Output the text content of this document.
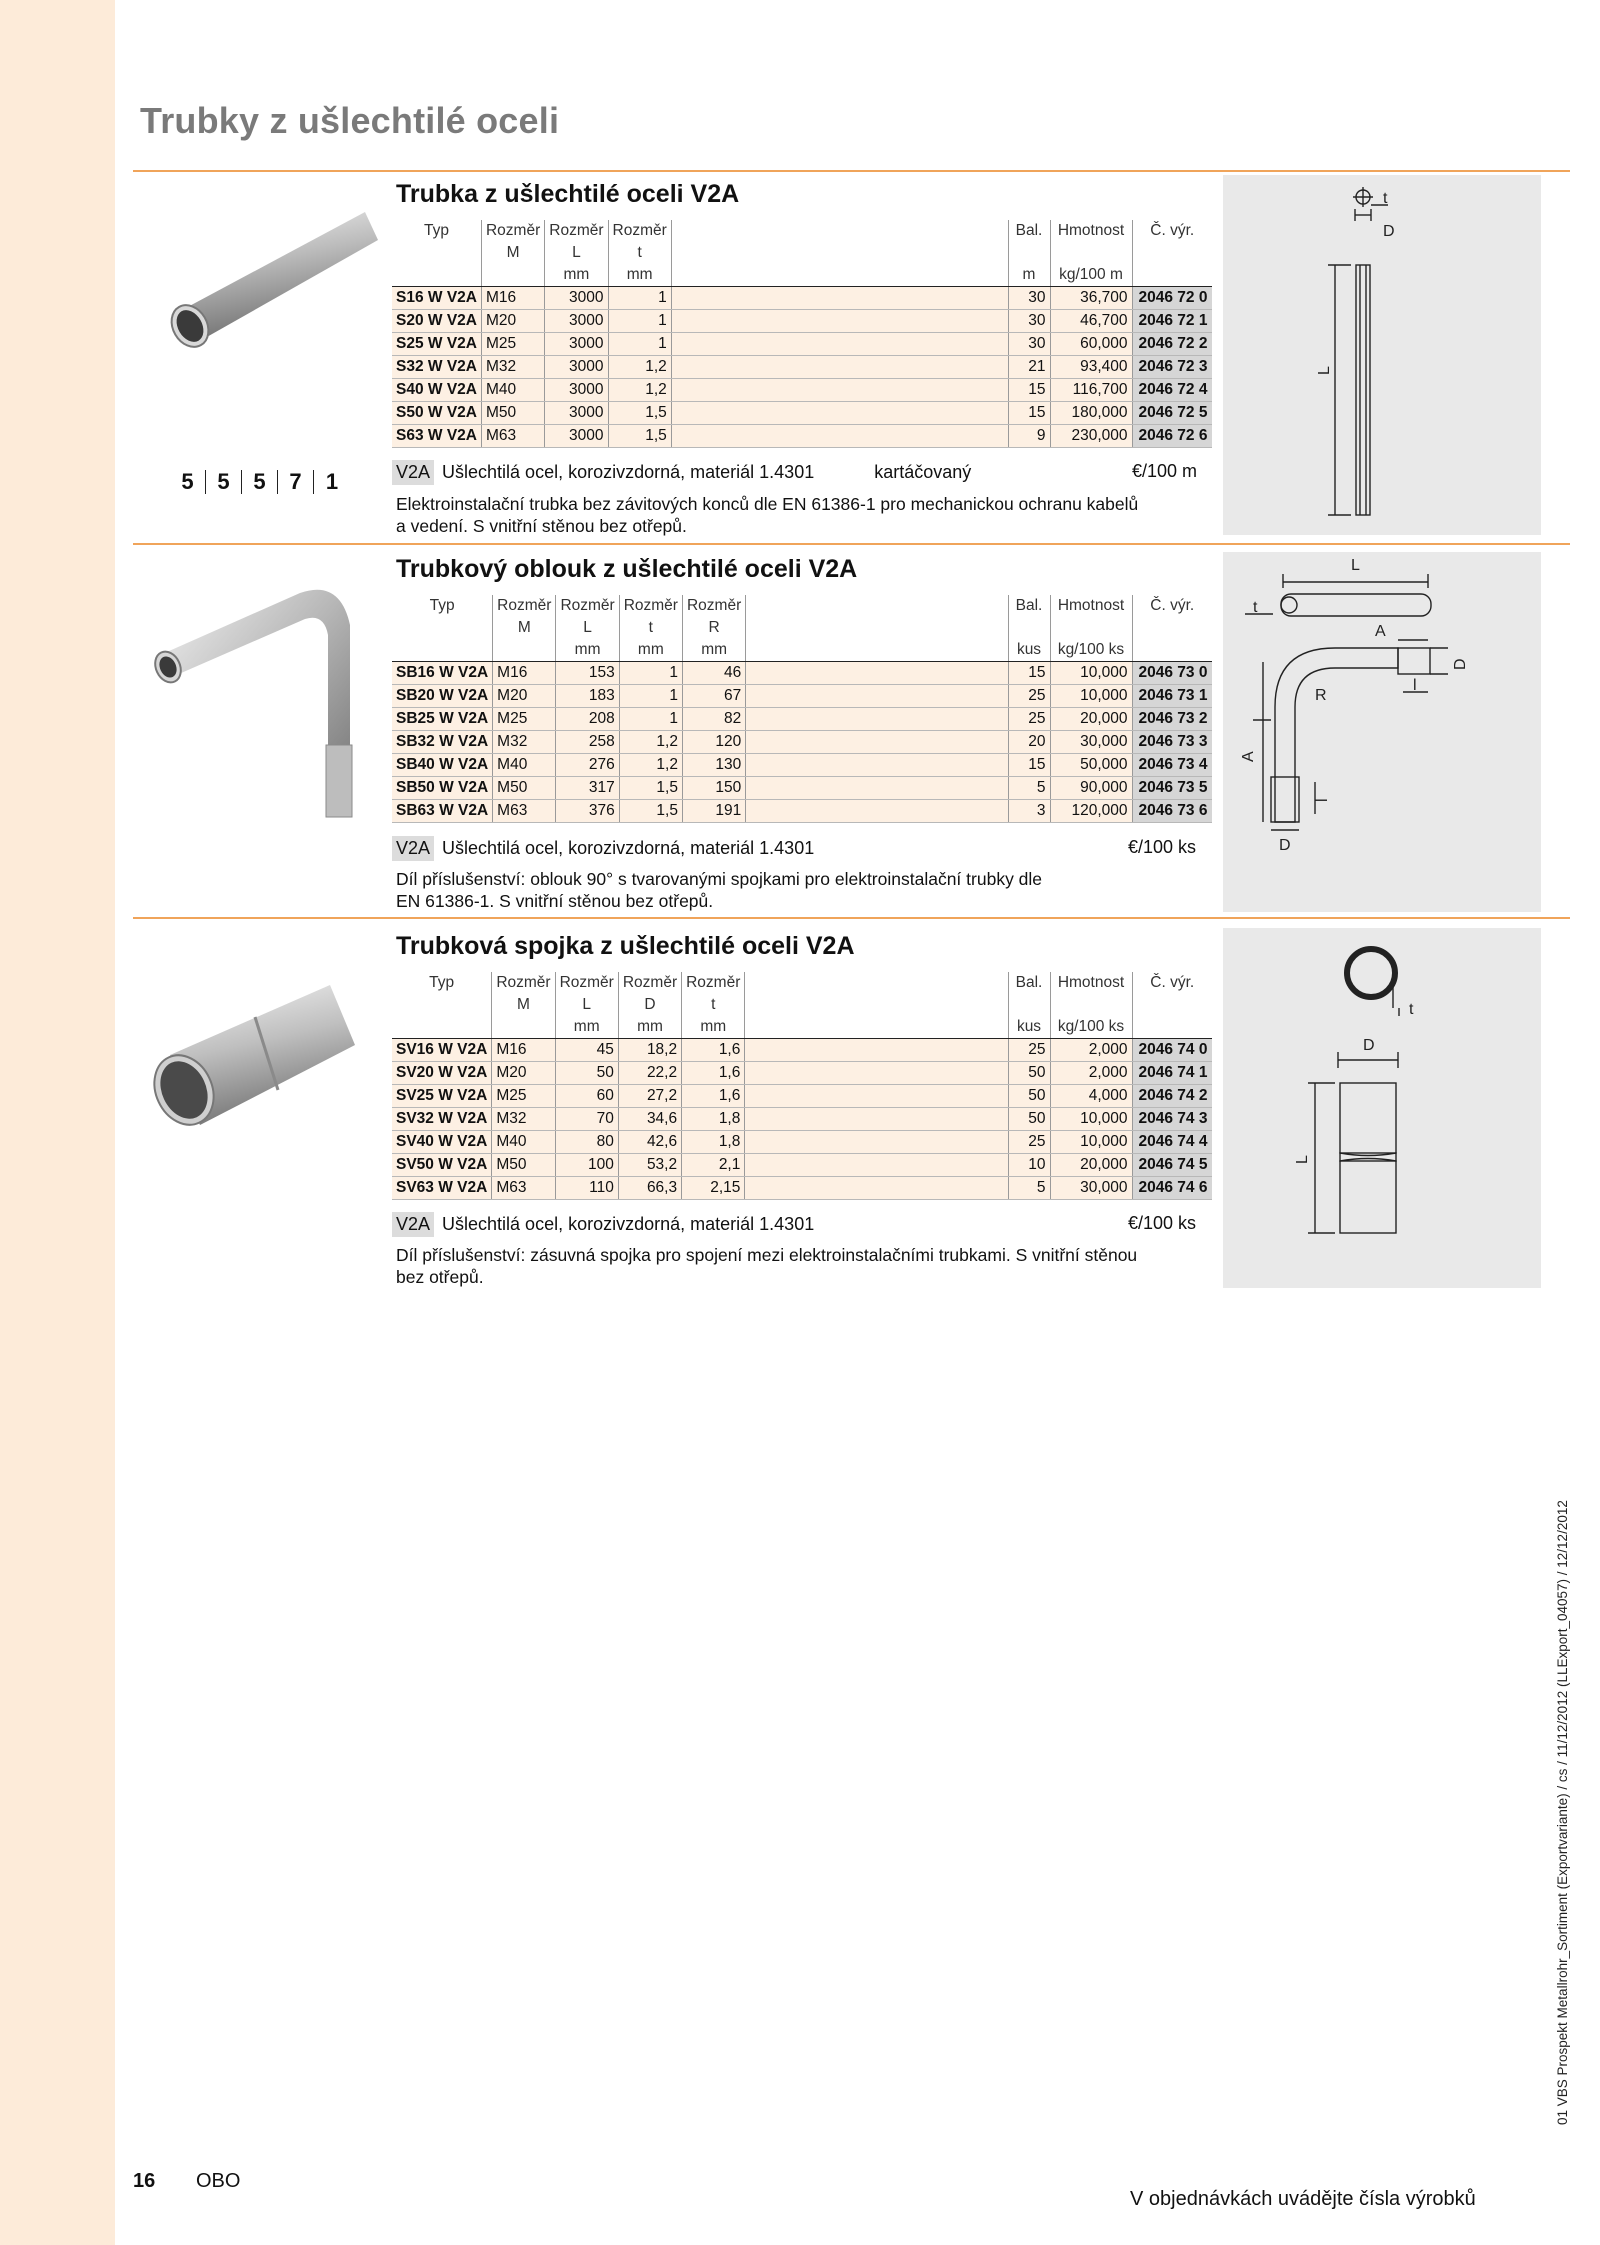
Trubky z ušlechtilé oceli
5	5	5	7	1
Trubka z ušlechtilé oceli V2A
Typ	Rozměr	Rozměr	Rozměr		Bal.	Hmotnost	Č. výr.
	M	L	t				
		mm	mm		m	kg/100 m	
S16 W V2A	M16	3000	1		30	36,700	2046 72 0
S20 W V2A	M20	3000	1		30	46,700	2046 72 1
S25 W V2A	M25	3000	1		30	60,000	2046 72 2
S32 W V2A	M32	3000	1,2		21	93,400	2046 72 3
S40 W V2A	M40	3000	1,2		15	116,700	2046 72 4
S50 W V2A	M50	3000	1,5		15	180,000	2046 72 5
S63 W V2A	M63	3000	1,5		9	230,000	2046 72 6
V2A Ušlechtilá ocel, korozivzdorná, materiál 1.4301	kartáčovaný	€/100 m
Elektroinstalační trubka bez závitových konců dle EN 61386-1 pro mechanickou ochranu kabelů
a vedení. S vnitřní stěnou bez otřepů.
t
D
L
Trubkový oblouk z ušlechtilé oceli V2A
Typ	Rozměr	Rozměr	Rozměr	Rozměr		Bal.	Hmotnost	Č. výr.
	M	L	t	R				
		mm	mm	mm		kus	kg/100 ks	
SB16 W V2A	M16	153	1	46		15	10,000	2046 73 0
SB20 W V2A	M20	183	1	67		25	10,000	2046 73 1
SB25 W V2A	M25	208	1	82		25	20,000	2046 73 2
SB32 W V2A	M32	258	1,2	120		20	30,000	2046 73 3
SB40 W V2A	M40	276	1,2	130		15	50,000	2046 73 4
SB50 W V2A	M50	317	1,5	150		5	90,000	2046 73 5
SB63 W V2A	M63	376	1,5	191		3	120,000	2046 73 6
V2A Ušlechtilá ocel, korozivzdorná, materiál 1.4301	€/100 ks
Díl příslušenství: oblouk 90° s tvarovanými spojkami pro elektroinstalační trubky dle
EN 61386-1. S vnitřní stěnou bez otřepů.
L
t
A
D
R
l
A
D
l
Trubková spojka z ušlechtilé oceli V2A
Typ	Rozměr	Rozměr	Rozměr	Rozměr		Bal.	Hmotnost	Č. výr.
	M	L	D	t				
		mm	mm	mm		kus	kg/100 ks	
SV16 W V2A	M16	45	18,2	1,6		25	2,000	2046 74 0
SV20 W V2A	M20	50	22,2	1,6		50	2,000	2046 74 1
SV25 W V2A	M25	60	27,2	1,6		50	4,000	2046 74 2
SV32 W V2A	M32	70	34,6	1,8		50	10,000	2046 74 3
SV40 W V2A	M40	80	42,6	1,8		25	10,000	2046 74 4
SV50 W V2A	M50	100	53,2	2,1		10	20,000	2046 74 5
SV63 W V2A	M63	110	66,3	2,15		5	30,000	2046 74 6
V2A Ušlechtilá ocel, korozivzdorná, materiál 1.4301	€/100 ks
Díl příslušenství: zásuvná spojka pro spojení mezi elektroinstalačními trubkami. S vnitřní stěnou
bez otřepů.
t
D
L
16 OBO
V objednávkách uvádějte čísla výrobků
01 VBS Prospekt Metallrohr_Sortiment (Exportvariante) / cs / 11/12/2012 (LLExport_04057) / 12/12/2012
